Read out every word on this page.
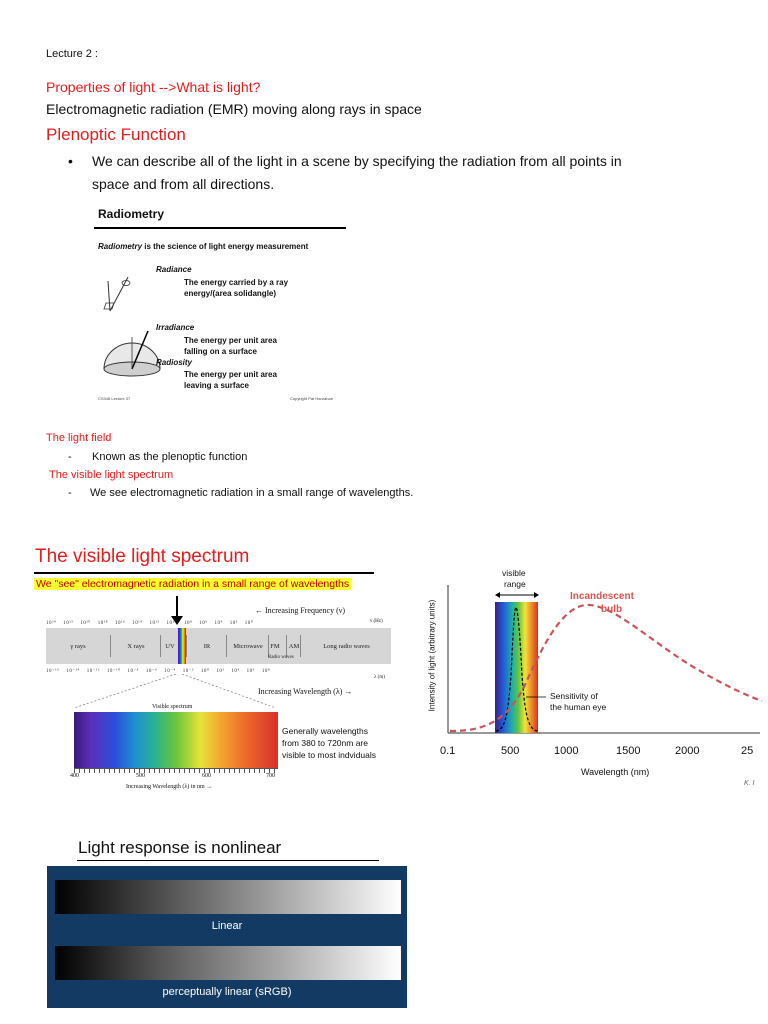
Lecture 2 :
Properties of light -->What is light?
Electromagnetic radiation (EMR) moving along rays in space
Plenoptic Function
• We can describe all of the light in a scene by specifying the radiation from all points in
space and from all directions.
Radiometry
Radiometry is the science of light energy measurement
Radiance
The energy carried by a ray
energy/(area solidangle)
Irradiance
The energy per unit area
falling on a surface
Radiosity
The energy per unit area
leaving a surface
CS348 Lecture 37	Copyright Pat Hanrahan
The light field
- Known as the plenoptic function
The visible light spectrum
- We see electromagnetic radiation in a small range of wavelengths.
The visible light spectrum
We "see" electromagnetic radiation in a small range of wavelengths
← Increasing Frequency (ν)
10²⁴    10²²    10²⁰    10¹⁸    10¹⁶    10¹⁴    10¹²    10¹⁰    10⁸    10⁶    10⁴    10²    10⁰	ν (Hz)
γ rays	X rays	UV	IR	Microwave	FM	AM	Long radio waves
Radio waves
10⁻¹⁶    10⁻¹⁴    10⁻¹²    10⁻¹⁰    10⁻⁸    10⁻⁶    10⁻⁴    10⁻²    10⁰    10²    10⁴    10⁶    10⁸
λ (m)
Increasing Wavelength (λ) →
Visible spectrum
400	500	600	700
Increasing Wavelength (λ) in nm →
Generally wavelengths
from 380 to 720nm are
visible to most indviduals
visible
range
Incandescent
bulb
Sensitivity of
the human eye
Intensity of light (arbitrary units)
0.1	500	1000	1500	2000	25
Wavelength (nm)
K. I
Light response is nonlinear
Linear
perceptually linear (sRGB)
